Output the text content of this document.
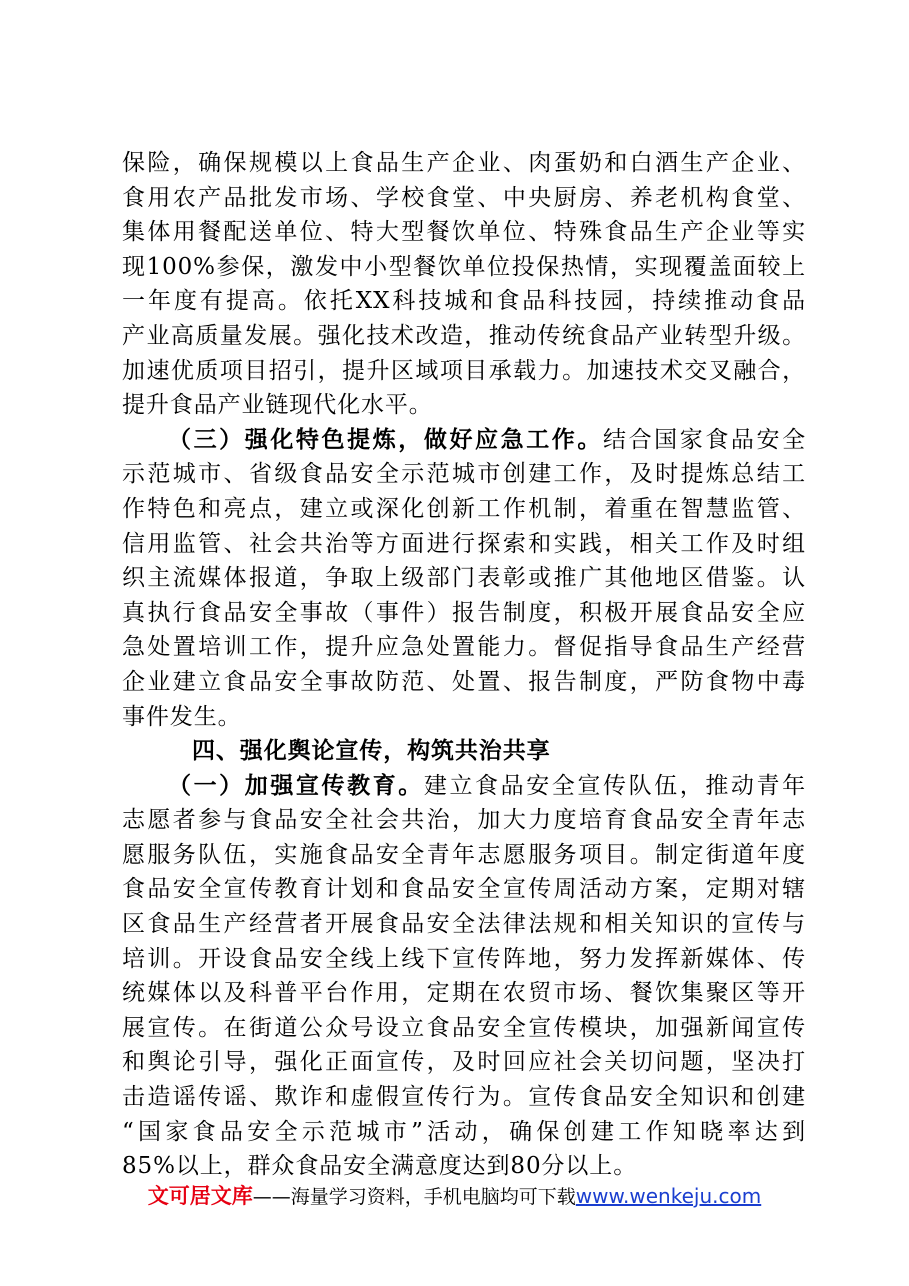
保险，确保规模以上食品生产企业、肉蛋奶和白酒生产企业、
食用农产品批发市场、学校食堂、中央厨房、养老机构食堂、
集体用餐配送单位、特大型餐饮单位、特殊食品生产企业等实
现100%参保，激发中小型餐饮单位投保热情，实现覆盖面较上
一年度有提高。依托XX科技城和食品科技园，持续推动食品
产业高质量发展。强化技术改造，推动传统食品产业转型升级。
加速优质项目招引，提升区域项目承载力。加速技术交叉融合，
提升食品产业链现代化水平。
（三）强化特色提炼，做好应急工作。结合国家食品安全
示范城市、省级食品安全示范城市创建工作，及时提炼总结工
作特色和亮点，建立或深化创新工作机制，着重在智慧监管、
信用监管、社会共治等方面进行探索和实践，相关工作及时组
织主流媒体报道，争取上级部门表彰或推广其他地区借鉴。认
真执行食品安全事故（事件）报告制度，积极开展食品安全应
急处置培训工作，提升应急处置能力。督促指导食品生产经营
企业建立食品安全事故防范、处置、报告制度，严防食物中毒
事件发生。
四、强化舆论宣传，构筑共治共享
（一）加强宣传教育。建立食品安全宣传队伍，推动青年
志愿者参与食品安全社会共治，加大力度培育食品安全青年志
愿服务队伍，实施食品安全青年志愿服务项目。制定街道年度
食品安全宣传教育计划和食品安全宣传周活动方案，定期对辖
区食品生产经营者开展食品安全法律法规和相关知识的宣传与
培训。开设食品安全线上线下宣传阵地，努力发挥新媒体、传
统媒体以及科普平台作用，定期在农贸市场、餐饮集聚区等开
展宣传。在街道公众号设立食品安全宣传模块，加强新闻宣传
和舆论引导，强化正面宣传，及时回应社会关切问题，坚决打
击造谣传谣、欺诈和虚假宣传行为。宣传食品安全知识和创建
“国家食品安全示范城市”活动，确保创建工作知晓率达到
85%以上，群众食品安全满意度达到80分以上。
文可居文库——海量学习资料，手机电脑均可下载www.wenkeju.com
